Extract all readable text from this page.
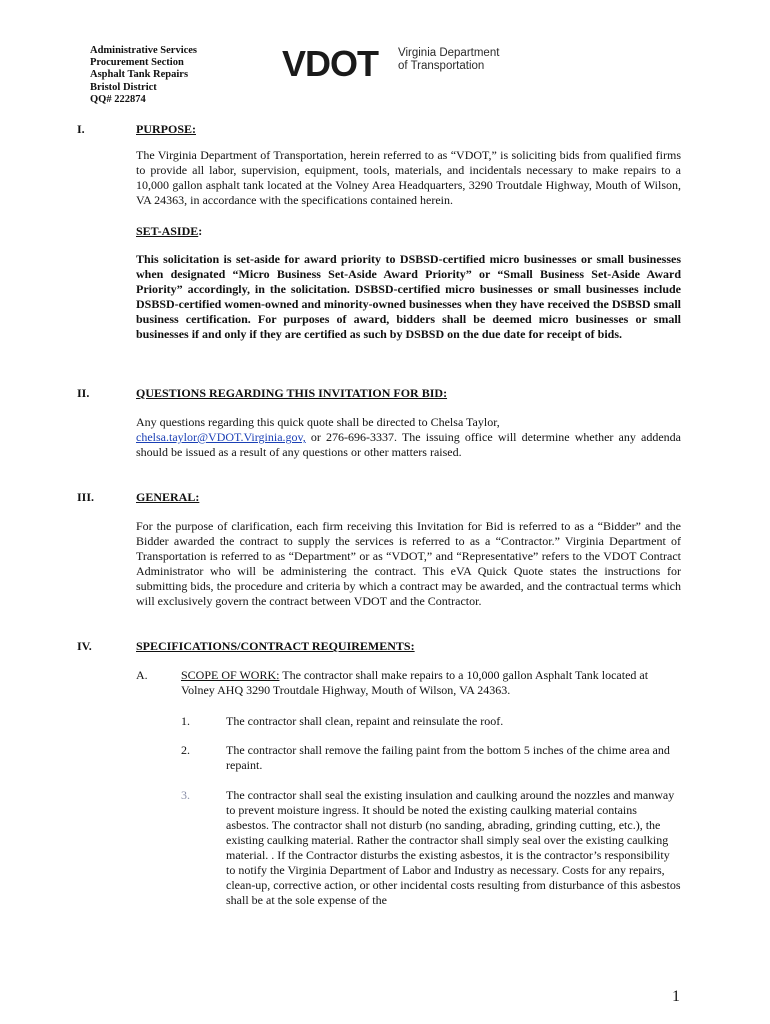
Administrative Services
Procurement Section
Asphalt Tank Repairs
Bristol District
QQ# 222874
VDOT Virginia Department
of Transportation
I.	PURPOSE:
The Virginia Department of Transportation, herein referred to as “VDOT,” is soliciting bids from qualified firms to provide all labor, supervision, equipment, tools, materials, and incidentals necessary to make repairs to a 10,000 gallon asphalt tank located at the Volney Area Headquarters, 3290 Troutdale Highway, Mouth of Wilson, VA 24363, in accordance with the specifications contained herein.
SET-ASIDE:
This solicitation is set-aside for award priority to DSBSD-certified micro businesses or small businesses when designated “Micro Business Set-Aside Award Priority” or “Small Business Set-Aside Award Priority” accordingly, in the solicitation. DSBSD-certified micro businesses or small businesses include DSBSD-certified women-owned and minority-owned businesses when they have received the DSBSD small business certification. For purposes of award, bidders shall be deemed micro businesses or small businesses if and only if they are certified as such by DSBSD on the due date for receipt of bids.
II.	QUESTIONS REGARDING THIS INVITATION FOR BID:
Any questions regarding this quick quote shall be directed to Chelsa Taylor,
chelsa.taylor@VDOT.Virginia.gov, or 276-696-3337. The issuing office will determine whether any addenda should be issued as a result of any questions or other matters raised.
III.	GENERAL:
For the purpose of clarification, each firm receiving this Invitation for Bid is referred to as a “Bidder” and the Bidder awarded the contract to supply the services is referred to as a “Contractor.” Virginia Department of Transportation is referred to as “Department” or as “VDOT,” and “Representative” refers to the VDOT Contract Administrator who will be administering the contract. This eVA Quick Quote states the instructions for submitting bids, the procedure and criteria by which a contract may be awarded, and the contractual terms which will exclusively govern the contract between VDOT and the Contractor.
IV.	SPECIFICATIONS/CONTRACT REQUIREMENTS:
A.	SCOPE OF WORK: The contractor shall make repairs to a 10,000 gallon Asphalt Tank located at Volney AHQ 3290 Troutdale Highway, Mouth of Wilson, VA 24363.
1.	The contractor shall clean, repaint and reinsulate the roof.
2.	The contractor shall remove the failing paint from the bottom 5 inches of the chime area and repaint.
3.	The contractor shall seal the existing insulation and caulking around the nozzles and manway to prevent moisture ingress. It should be noted the existing caulking material contains asbestos. The contractor shall not disturb (no sanding, abrading, grinding cutting, etc.), the existing caulking material. Rather the contractor shall simply seal over the existing caulking material. . If the Contractor disturbs the existing asbestos, it is the contractor’s responsibility to notify the Virginia Department of Labor and Industry as necessary. Costs for any repairs, clean-up, corrective action, or other incidental costs resulting from disturbance of this asbestos shall be at the sole expense of the
1
